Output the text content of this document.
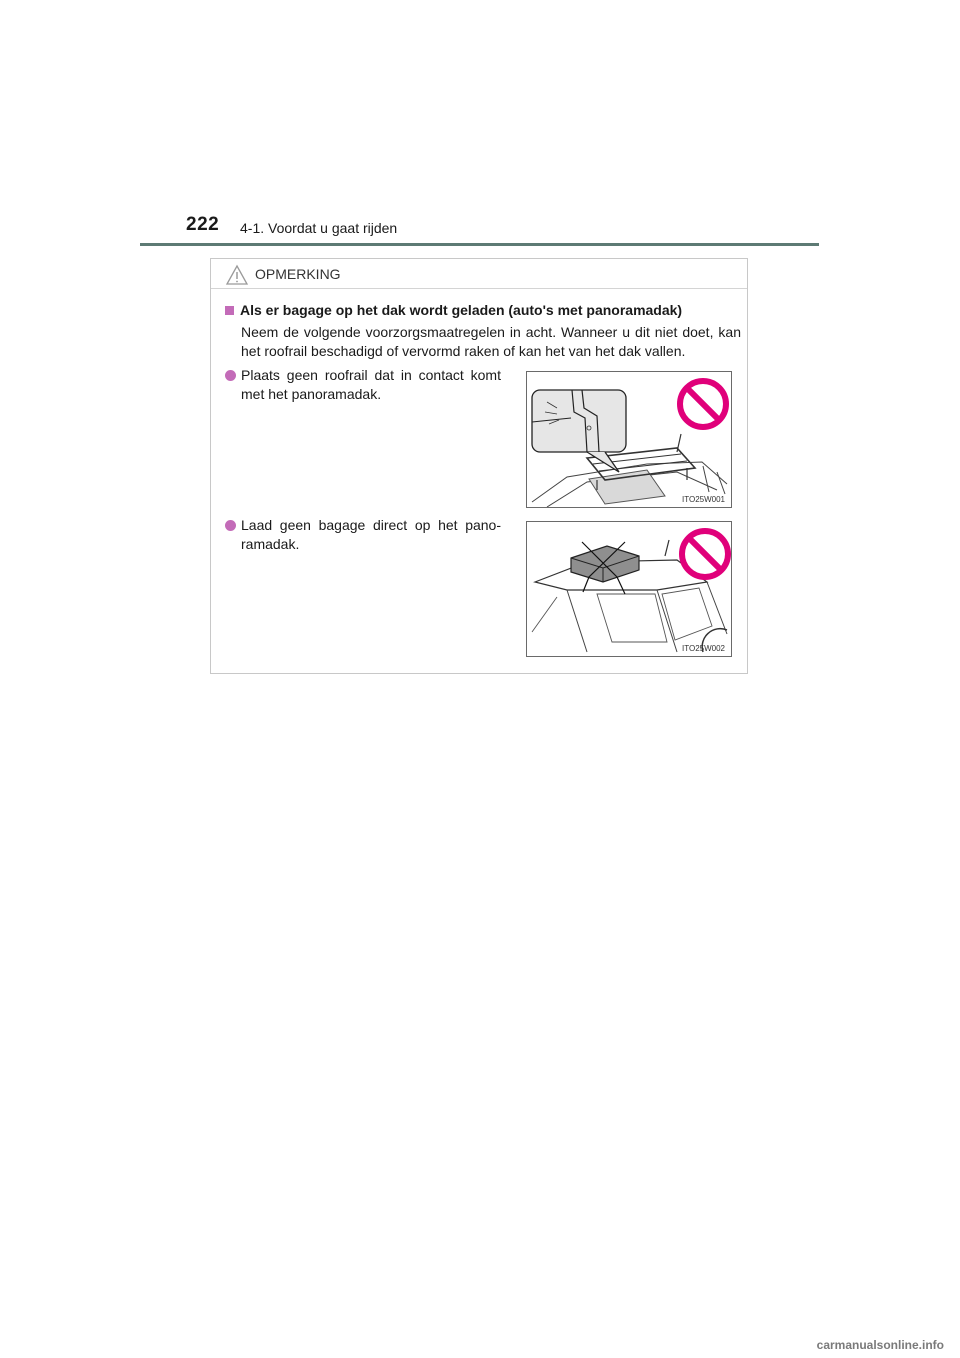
222 4-1. Voordat u gaat rijden
OPMERKING
Als er bagage op het dak wordt geladen (auto's met panoramadak)
Neem de volgende voorzorgsmaatregelen in acht. Wanneer u dit niet doet, kan het roofrail beschadigd of vervormd raken of kan het van het dak vallen.
Plaats geen roofrail dat in contact komt met het panoramadak.
ITO25W001
Laad geen bagage direct op het pano-ramadak.
ITO25W002
carmanualsonline.info
